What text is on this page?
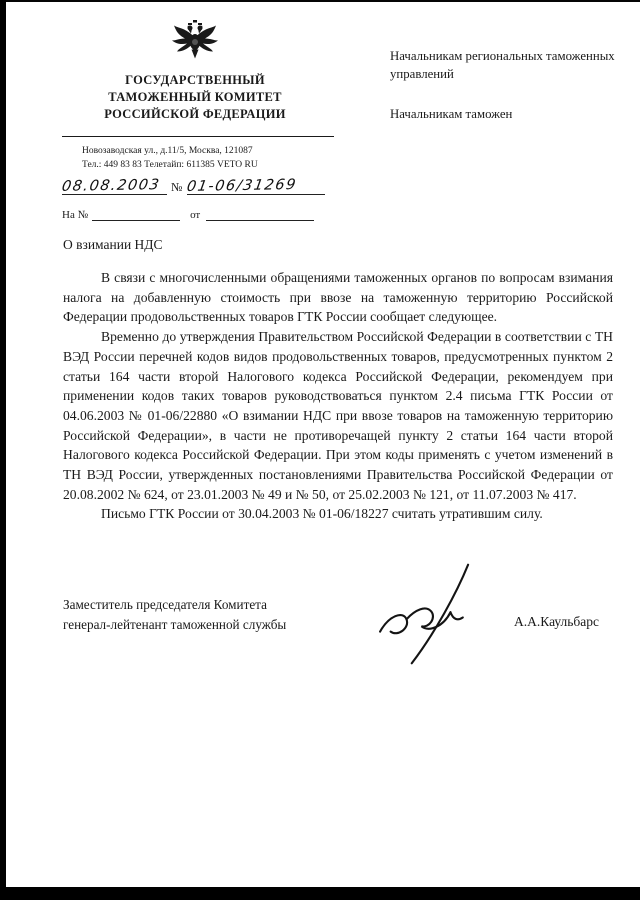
ГОСУДАРСТВЕННЫЙ
ТАМОЖЕННЫЙ КОМИТЕТ
РОССИЙСКОЙ ФЕДЕРАЦИИ
Новозаводская ул., д.11/5, Москва, 121087
Тел.: 449 83 83 Телетайп: 611385 VETO RU
08.08.2003 № 01-06/31269
На №	от
Начальникам региональных таможенных управлений
Начальникам таможен
О взимании НДС

В связи с многочисленными обращениями таможенных органов по вопросам взимания налога на добавленную стоимость при ввозе на таможенную территорию Российской Федерации продовольственных товаров ГТК России сообщает следующее.

Временно до утверждения Правительством Российской Федерации в соответствии с ТН ВЭД России перечней кодов видов продовольственных товаров, предусмотренных пунктом 2 статьи 164 части второй Налогового кодекса Российской Федерации, рекомендуем при применении кодов таких товаров руководствоваться пунктом 2.4 письма ГТК России от 04.06.2003 № 01-06/22880 «О взимании НДС при ввозе товаров на таможенную территорию Российской Федерации», в части не противоречащей пункту 2 статьи 164 части второй Налогового кодекса Российской Федерации. При этом коды применять с учетом изменений в ТН ВЭД России, утвержденных постановлениями Правительства Российской Федерации от 20.08.2002 № 624, от 23.01.2003 № 49 и № 50, от 25.02.2003 № 121, от 11.07.2003 № 417.

Письмо ГТК России от 30.04.2003 № 01-06/18227 считать утратившим силу.

Заместитель председателя Комитета
генерал-лейтенант таможенной службы	А.А.Каульбарс
